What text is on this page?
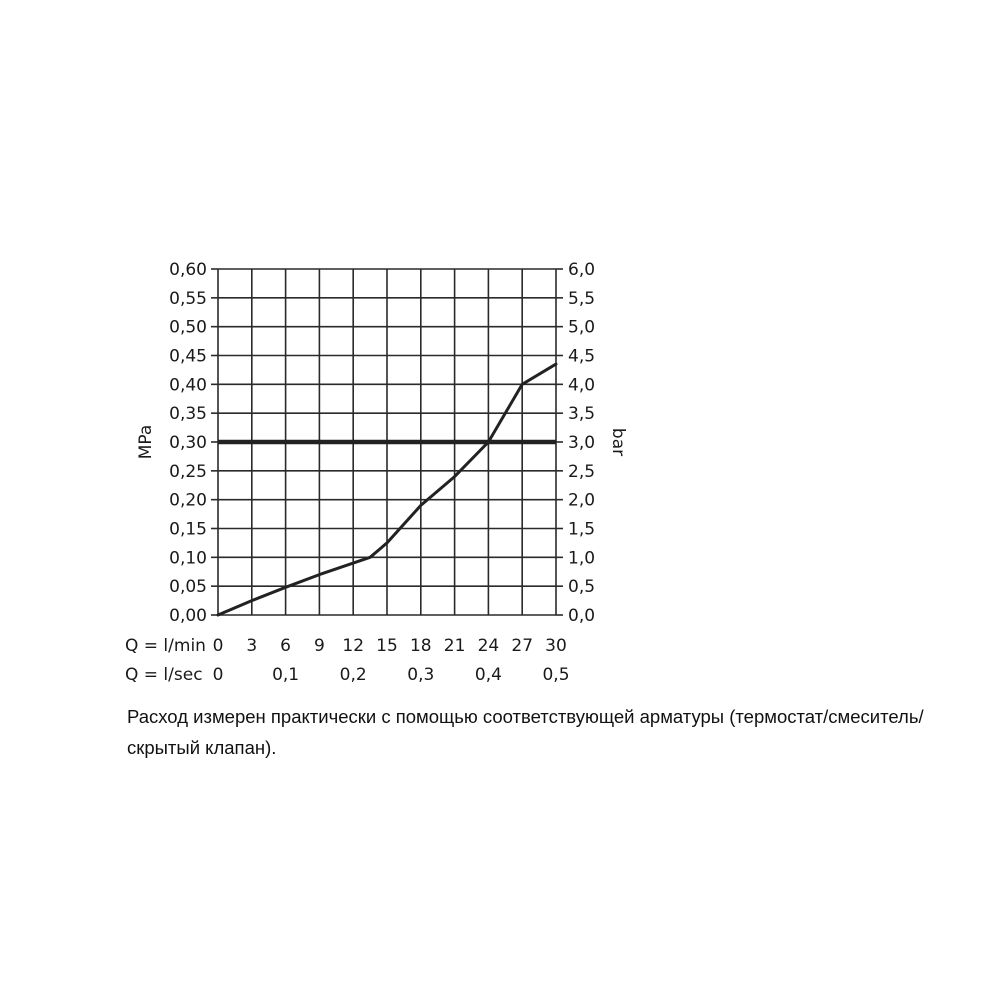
0,00
0,05
0,10
0,15
0,20
0,25
0,30
0,35
0,40
0,45
0,50
0,55
0,60
0,0
0,5
1,0
1,5
2,0
2,5
3,0
3,5
4,0
4,5
5,0
5,5
6,0
0 3 6 9 12 15 18 21 24 27 30
0	0,1 0,2 0,3 0,4 0,5
MPa	bar
Q = l/min
Q = l/sec

Расход измерен практически с помощью соответствующей арматуры (термостат/смеситель/скрытый клапан).
